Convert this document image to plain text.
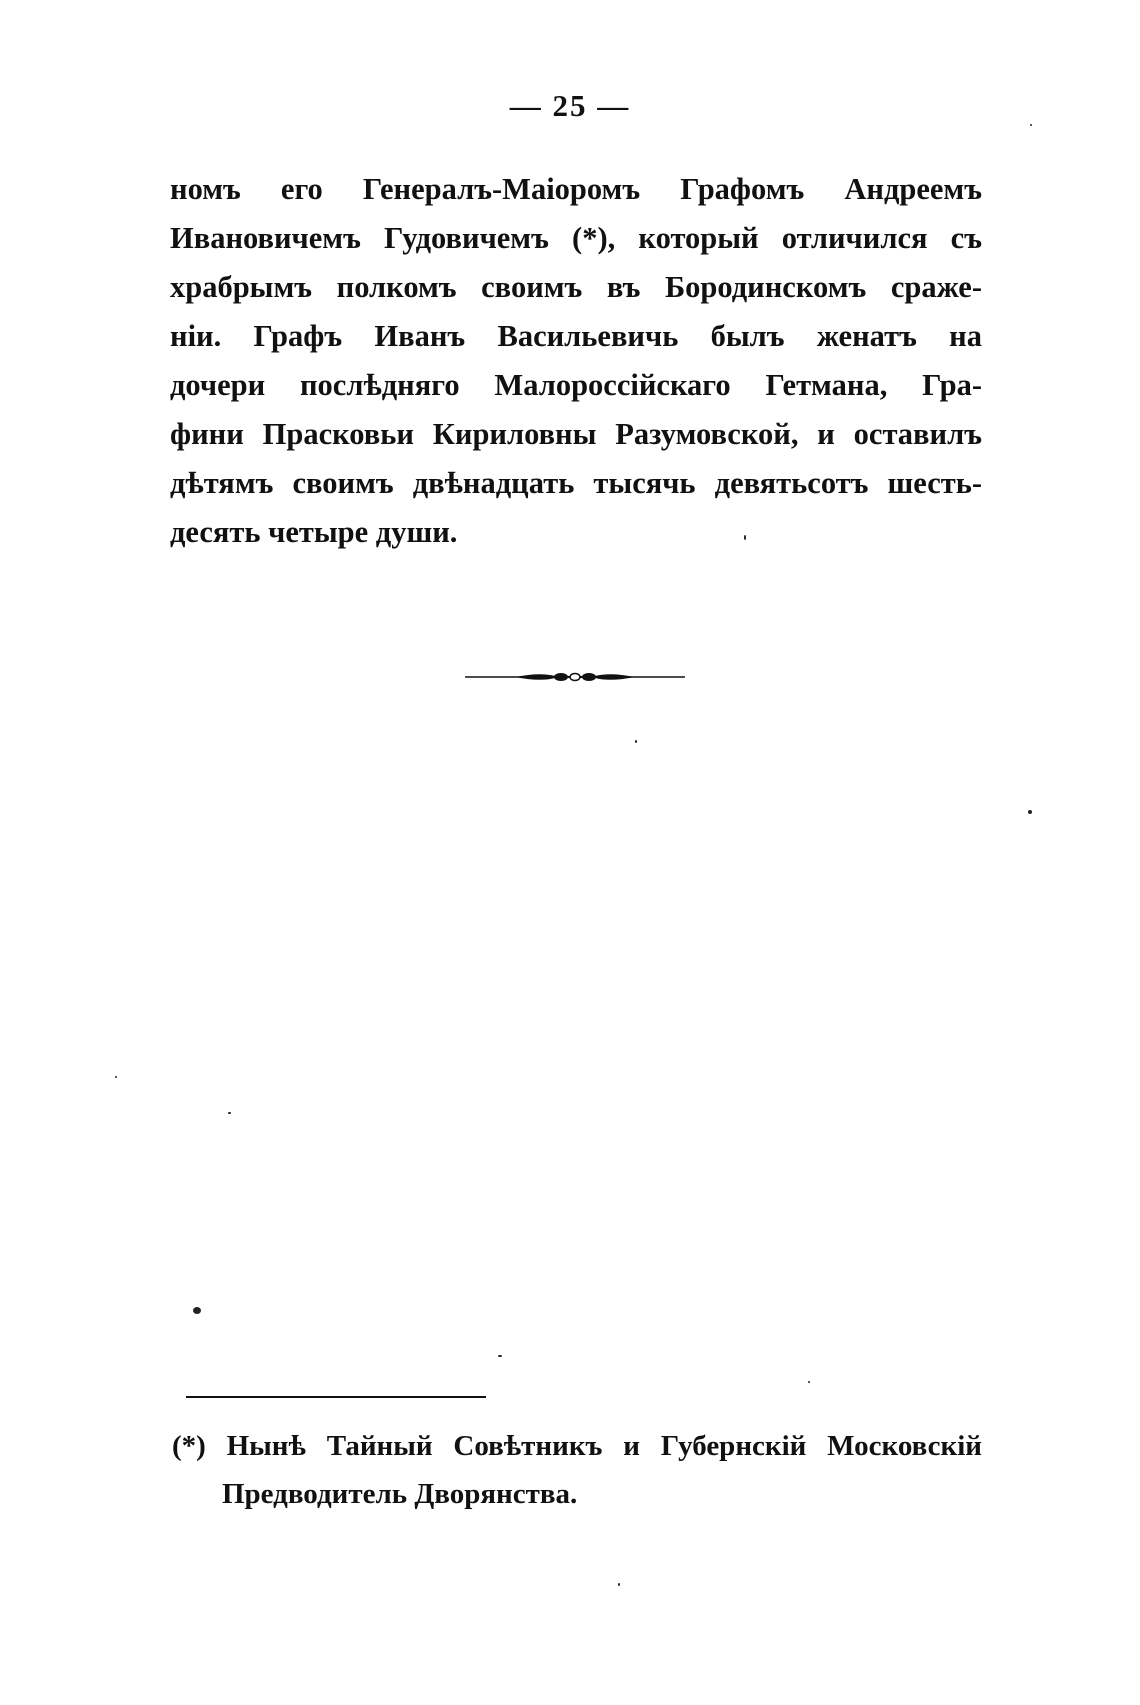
— 25 —
номъ его Генералъ-Маіоромъ Графомъ Андреемъ
Ивановичемъ Гудовичемъ (*), который отличился съ
храбрымъ полкомъ своимъ въ Бородинскомъ сраже-
ніи. Графъ Иванъ Васильевичь былъ женатъ на
дочери послѣдняго Малороссійскаго Гетмана, Гра-
фини Прасковьи Кириловны Разумовской, и оставилъ
дѣтямъ своимъ двѣнадцать тысячь девятьсотъ шесть-
десять четыре души.
(*) Нынѣ Тайный Совѣтникъ и Губернскій Московскій
Предводитель Дворянства.
